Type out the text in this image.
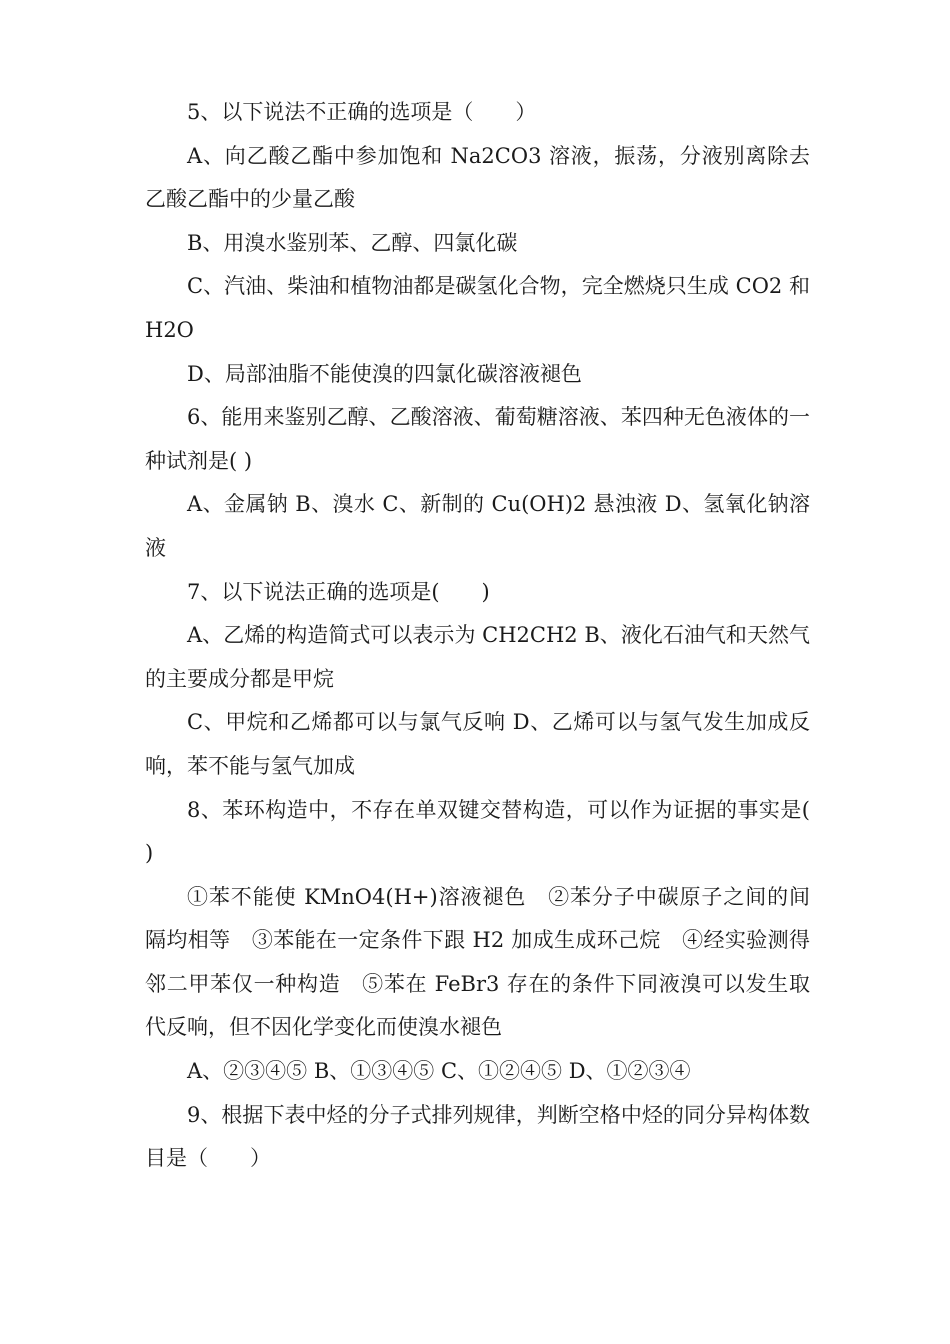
5、以下说法不正确的选项是（　　）

A、向乙酸乙酯中参加饱和 Na2CO3 溶液，振荡，分液别离除去乙酸乙酯中的少量乙酸

B、用溴水鉴别苯、乙醇、四氯化碳

C、汽油、柴油和植物油都是碳氢化合物，完全燃烧只生成 CO2 和 H2O

D、局部油脂不能使溴的四氯化碳溶液褪色

6、能用来鉴别乙醇、乙酸溶液、葡萄糖溶液、苯四种无色液体的一种试剂是( )

A、金属钠 B、溴水 C、新制的 Cu(OH)2 悬浊液 D、氢氧化钠溶液

7、以下说法正确的选项是(　　)

A、乙烯的构造简式可以表示为 CH2CH2 B、液化石油气和天然气的主要成分都是甲烷

C、甲烷和乙烯都可以与氯气反响 D、乙烯可以与氢气发生加成反响，苯不能与氢气加成

8、苯环构造中，不存在单双键交替构造，可以作为证据的事实是(　　)

①苯不能使 KMnO4(H+)溶液褪色　②苯分子中碳原子之间的间隔均相等　③苯能在一定条件下跟 H2 加成生成环己烷　④经实验测得邻二甲苯仅一种构造　⑤苯在 FeBr3 存在的条件下同液溴可以发生取代反响，但不因化学变化而使溴水褪色

A、②③④⑤ B、①③④⑤ C、①②④⑤ D、①②③④

9、根据下表中烃的分子式排列规律，判断空格中烃的同分异构体数目是（　　）
